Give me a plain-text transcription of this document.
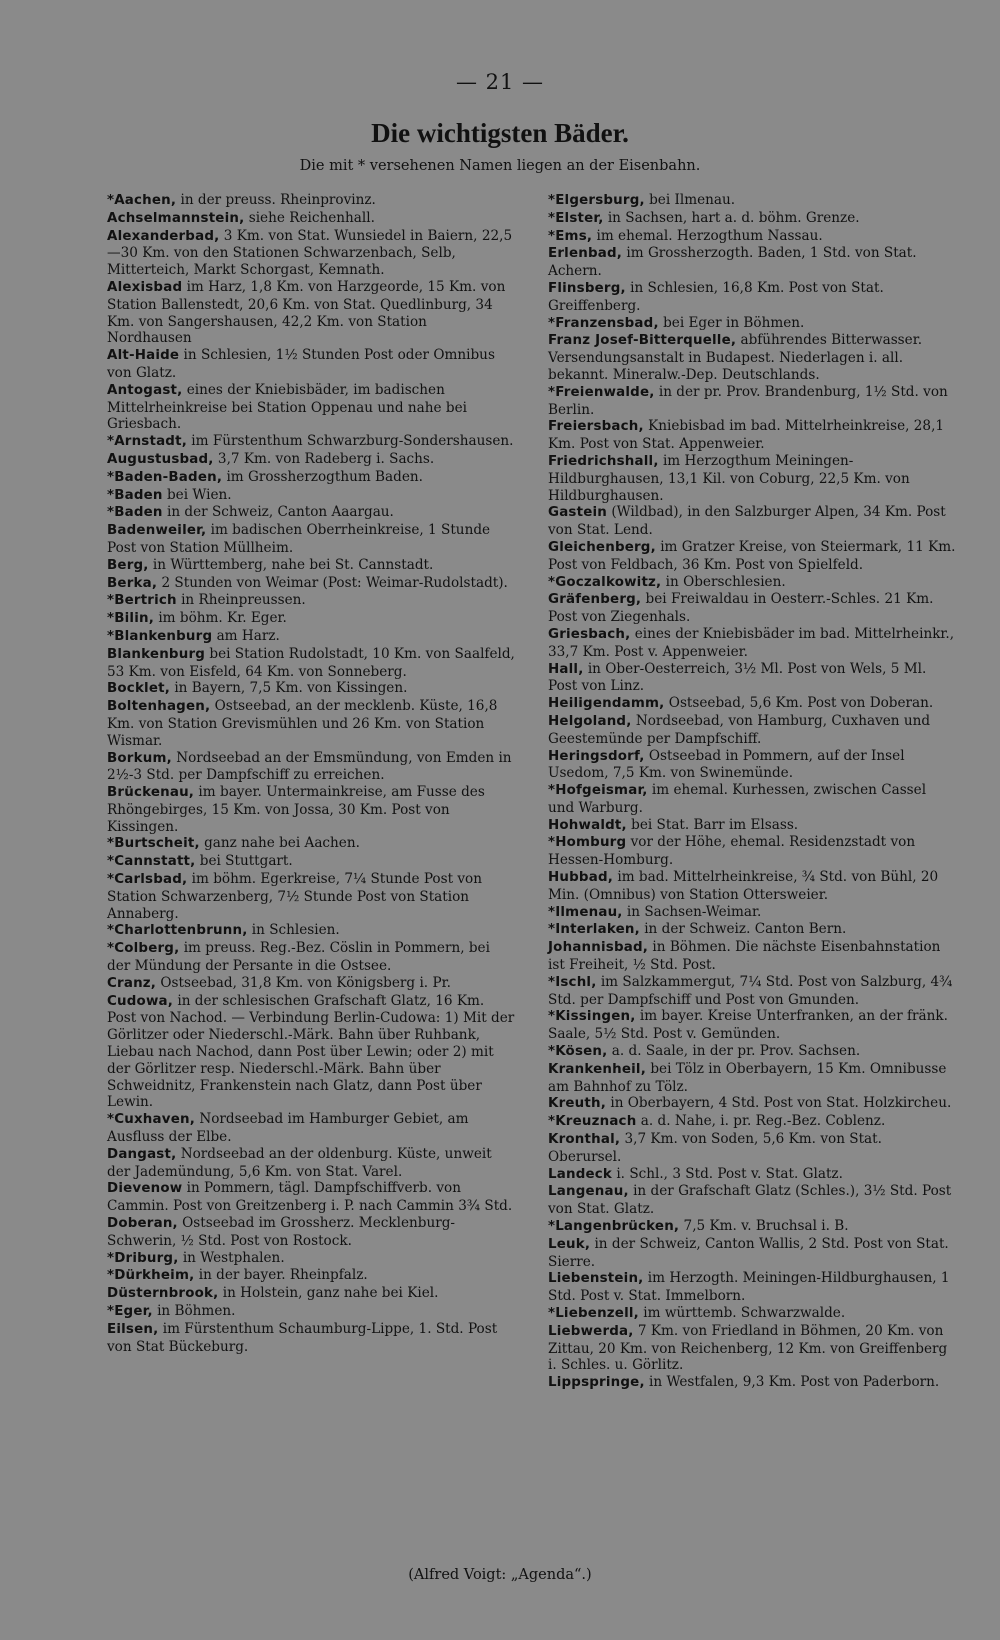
— 21 —
Die wichtigsten Bäder.
Die mit * versehenen Namen liegen an der Eisenbahn.

*Aachen, in der preuss. Rheinprovinz.

Achselmannstein, siehe Reichenhall.

Alexanderbad, 3 Km. von Stat. Wunsiedel in Baiern, 22,5—30 Km. von den Stationen Schwarzenbach, Selb, Mitterteich, Markt Schorgast, Kemnath.

Alexisbad im Harz, 1,8 Km. von Harzgeorde, 15 Km. von Station Ballenstedt, 20,6 Km. von Stat. Quedlinburg, 34 Km. von Sangershausen, 42,2 Km. von Station Nordhausen

Alt-Haide in Schlesien, 1½ Stunden Post oder Omnibus von Glatz.

Antogast, eines der Kniebisbäder, im badischen Mittelrheinkreise bei Station Oppenau und nahe bei Griesbach.

*Arnstadt, im Fürstenthum Schwarzburg-Sondershausen.

Augustusbad, 3,7 Km. von Radeberg i. Sachs.

*Baden-Baden, im Grossherzogthum Baden.

*Baden bei Wien.

*Baden in der Schweiz, Canton Aaargau.

Badenweiler, im badischen Oberrheinkreise, 1 Stunde Post von Station Müllheim.

Berg, in Württemberg, nahe bei St. Cannstadt.

Berka, 2 Stunden von Weimar (Post: Weimar-Rudolstadt).

*Bertrich in Rheinpreussen.

*Bilin, im böhm. Kr. Eger.

*Blankenburg am Harz.

Blankenburg bei Station Rudolstadt, 10 Km. von Saalfeld, 53 Km. von Eisfeld, 64 Km. von Sonneberg.

Bocklet, in Bayern, 7,5 Km. von Kissingen.

Boltenhagen, Ostseebad, an der mecklenb. Küste, 16,8 Km. von Station Grevismühlen und 26 Km. von Station Wismar.

Borkum, Nordseebad an der Emsmündung, von Emden in 2½-3 Std. per Dampfschiff zu erreichen.

Brückenau, im bayer. Untermainkreise, am Fusse des Rhöngebirges, 15 Km. von Jossa, 30 Km. Post von Kissingen.

*Burtscheit, ganz nahe bei Aachen.

*Cannstatt, bei Stuttgart.

*Carlsbad, im böhm. Egerkreise, 7¼ Stunde Post von Station Schwarzenberg, 7½ Stunde Post von Station Annaberg.

*Charlottenbrunn, in Schlesien.

*Colberg, im preuss. Reg.-Bez. Cöslin in Pommern, bei der Mündung der Persante in die Ostsee.

Cranz, Ostseebad, 31,8 Km. von Königsberg i. Pr.

Cudowa, in der schlesischen Grafschaft Glatz, 16 Km. Post von Nachod. — Verbindung Berlin-Cudowa: 1) Mit der Görlitzer oder Niederschl.-Märk. Bahn über Ruhbank, Liebau nach Nachod, dann Post über Lewin; oder 2) mit der Görlitzer resp. Niederschl.-Märk. Bahn über Schweidnitz, Frankenstein nach Glatz, dann Post über Lewin.

*Cuxhaven, Nordseebad im Hamburger Gebiet, am Ausfluss der Elbe.

Dangast, Nordseebad an der oldenburg. Küste, unweit der Jademündung, 5,6 Km. von Stat. Varel.

Dievenow in Pommern, tägl. Dampfschiffverb. von Cammin. Post von Greitzenberg i. P. nach Cammin 3¾ Std.

Doberan, Ostseebad im Grossherz. Mecklenburg-Schwerin, ½ Std. Post von Rostock.

*Driburg, in Westphalen.

*Dürkheim, in der bayer. Rheinpfalz.

Düsternbrook, in Holstein, ganz nahe bei Kiel.

*Eger, in Böhmen.

Eilsen, im Fürstenthum Schaumburg-Lippe, 1. Std. Post von Stat Bückeburg.

*Elgersburg, bei Ilmenau.

*Elster, in Sachsen, hart a. d. böhm. Grenze.

*Ems, im ehemal. Herzogthum Nassau.

Erlenbad, im Grossherzogth. Baden, 1 Std. von Stat. Achern.

Flinsberg, in Schlesien, 16,8 Km. Post von Stat. Greiffenberg.

*Franzensbad, bei Eger in Böhmen.

Franz Josef-Bitterquelle, abführendes Bitterwasser. Versendungsanstalt in Budapest. Niederlagen i. all. bekannt. Mineralw.-Dep. Deutschlands.

*Freienwalde, in der pr. Prov. Brandenburg, 1½ Std. von Berlin.

Freiersbach, Kniebisbad im bad. Mittelrheinkreise, 28,1 Km. Post von Stat. Appenweier.

Friedrichshall, im Herzogthum Meiningen-Hildburghausen, 13,1 Kil. von Coburg, 22,5 Km. von Hildburghausen.

Gastein (Wildbad), in den Salzburger Alpen, 34 Km. Post von Stat. Lend.

Gleichenberg, im Gratzer Kreise, von Steiermark, 11 Km. Post von Feldbach, 36 Km. Post von Spielfeld.

*Goczalkowitz, in Oberschlesien.

Gräfenberg, bei Freiwaldau in Oesterr.-Schles. 21 Km. Post von Ziegenhals.

Griesbach, eines der Kniebisbäder im bad. Mittelrheinkr., 33,7 Km. Post v. Appenweier.

Hall, in Ober-Oesterreich, 3½ Ml. Post von Wels, 5 Ml. Post von Linz.

Heiligendamm, Ostseebad, 5,6 Km. Post von Doberan.

Helgoland, Nordseebad, von Hamburg, Cuxhaven und Geestemünde per Dampfschiff.

Heringsdorf, Ostseebad in Pommern, auf der Insel Usedom, 7,5 Km. von Swinemünde.

*Hofgeismar, im ehemal. Kurhessen, zwischen Cassel und Warburg.

Hohwaldt, bei Stat. Barr im Elsass.

*Homburg vor der Höhe, ehemal. Residenzstadt von Hessen-Homburg.

Hubbad, im bad. Mittelrheinkreise, ¾ Std. von Bühl, 20 Min. (Omnibus) von Station Ottersweier.

*Ilmenau, in Sachsen-Weimar.

*Interlaken, in der Schweiz. Canton Bern.

Johannisbad, in Böhmen. Die nächste Eisenbahnstation ist Freiheit, ½ Std. Post.

*Ischl, im Salzkammergut, 7¼ Std. Post von Salzburg, 4¾ Std. per Dampfschiff und Post von Gmunden.

*Kissingen, im bayer. Kreise Unterfranken, an der fränk. Saale, 5½ Std. Post v. Gemünden.

*Kösen, a. d. Saale, in der pr. Prov. Sachsen.

Krankenheil, bei Tölz in Oberbayern, 15 Km. Omnibusse am Bahnhof zu Tölz.

Kreuth, in Oberbayern, 4 Std. Post von Stat. Holzkircheu.

*Kreuznach a. d. Nahe, i. pr. Reg.-Bez. Coblenz.

Kronthal, 3,7 Km. von Soden, 5,6 Km. von Stat. Oberursel.

Landeck i. Schl., 3 Std. Post v. Stat. Glatz.

Langenau, in der Grafschaft Glatz (Schles.), 3½ Std. Post von Stat. Glatz.

*Langenbrücken, 7,5 Km. v. Bruchsal i. B.

Leuk, in der Schweiz, Canton Wallis, 2 Std. Post von Stat. Sierre.

Liebenstein, im Herzogth. Meiningen-Hildburghausen, 1 Std. Post v. Stat. Immelborn.

*Liebenzell, im württemb. Schwarzwalde.

Liebwerda, 7 Km. von Friedland in Böhmen, 20 Km. von Zittau, 20 Km. von Reichenberg, 12 Km. von Greiffenberg i. Schles. u. Görlitz.

Lippspringe, in Westfalen, 9,3 Km. Post von Paderborn.

(Alfred Voigt: „Agenda“.)
